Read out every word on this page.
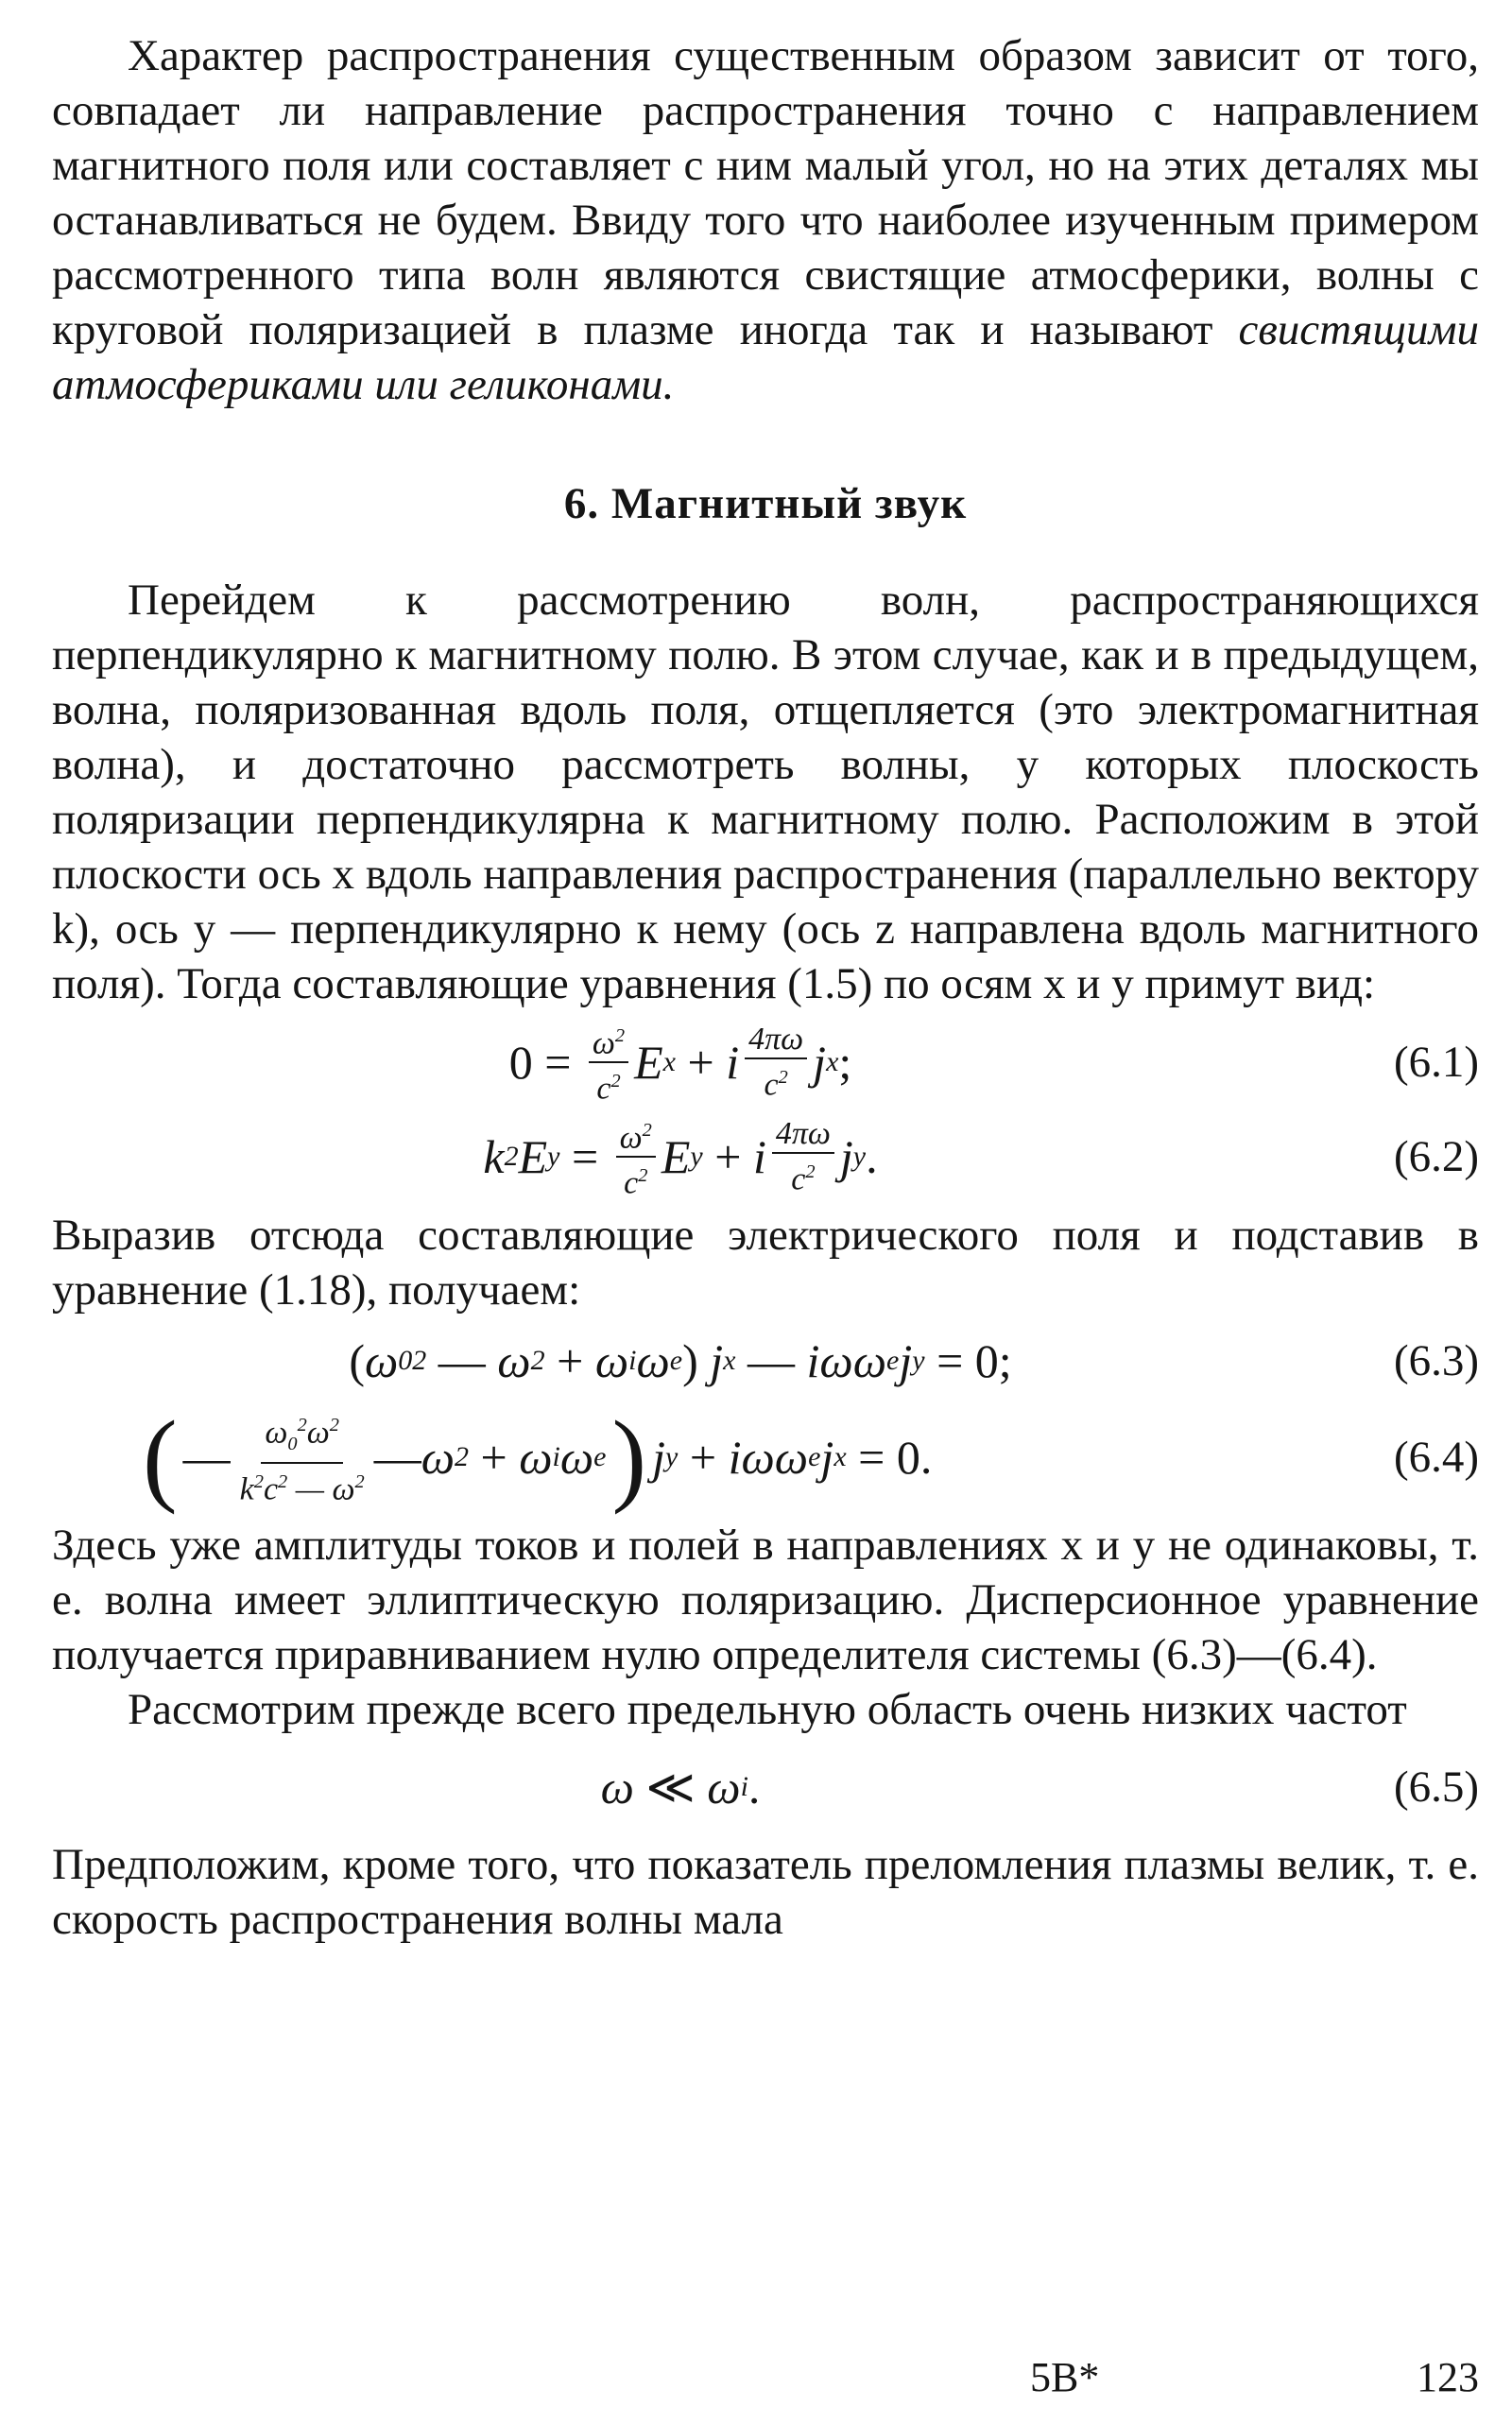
Характер распространения существенным образом зависит от того, совпадает ли направление распространения точно с направлением магнитного поля или составляет с ним малый угол, но на этих деталях мы останавливаться не будем. Ввиду того что наиболее изученным примером рассмотренного типа волн являются свистящие атмосферики, волны с круговой поляризацией в плазме иногда так и называют свистящими атмосфериками или геликонами.

6. Магнитный звук

Перейдем к рассмотрению волн, распространяющихся перпендикулярно к магнитному полю. В этом случае, как и в предыдущем, волна, поляризованная вдоль поля, отщепляется (это электромагнитная волна), и достаточно рассмотреть волны, у которых плоскость поляризации перпендикулярна к магнитному полю. Расположим в этой плоскости ось x вдоль направления распространения (параллельно вектору k), ось y — перпендикулярно к нему (ось z направлена вдоль магнитного поля). Тогда составляющие уравнения (1.5) по осям x и y примут вид:

$0 = \frac{\omega^2}{c^2}$ E x
+ i $\frac{4\pi\omega}{c^2}$ j x ;	(6.1)
k 2 E y
=
$\frac{\omega^2}{c^2}$ E y
+ i $\frac{4\pi\omega}{c^2}$ j y .	(6.2)

Выразив отсюда составляющие электрического поля и подставив в уравнение (1.18), получаем:

( ω 0 2
— ω 2
+ ω i ω e ) j x
— iωω e j y
= 0;	(6.3)
( — $\frac{\omega_0^2\omega^2}{k^2c^2 — \omega^2}$ — ω 2
+ ω i ω e ) j y
+ iωω e j x
= 0.	(6.4)

Здесь уже амплитуды токов и полей в направлениях x и y не одинаковы, т. е. волна имеет эллиптическую поляризацию. Дисперсионное уравнение получается приравниванием нулю определителя системы (6.3)—(6.4).

Рассмотрим прежде всего предельную область очень низких частот

ω ≪ ω i .	(6.5)

Предположим, кроме того, что показатель преломления плазмы велик, т. е. скорость распространения волны мала

5B*	123
